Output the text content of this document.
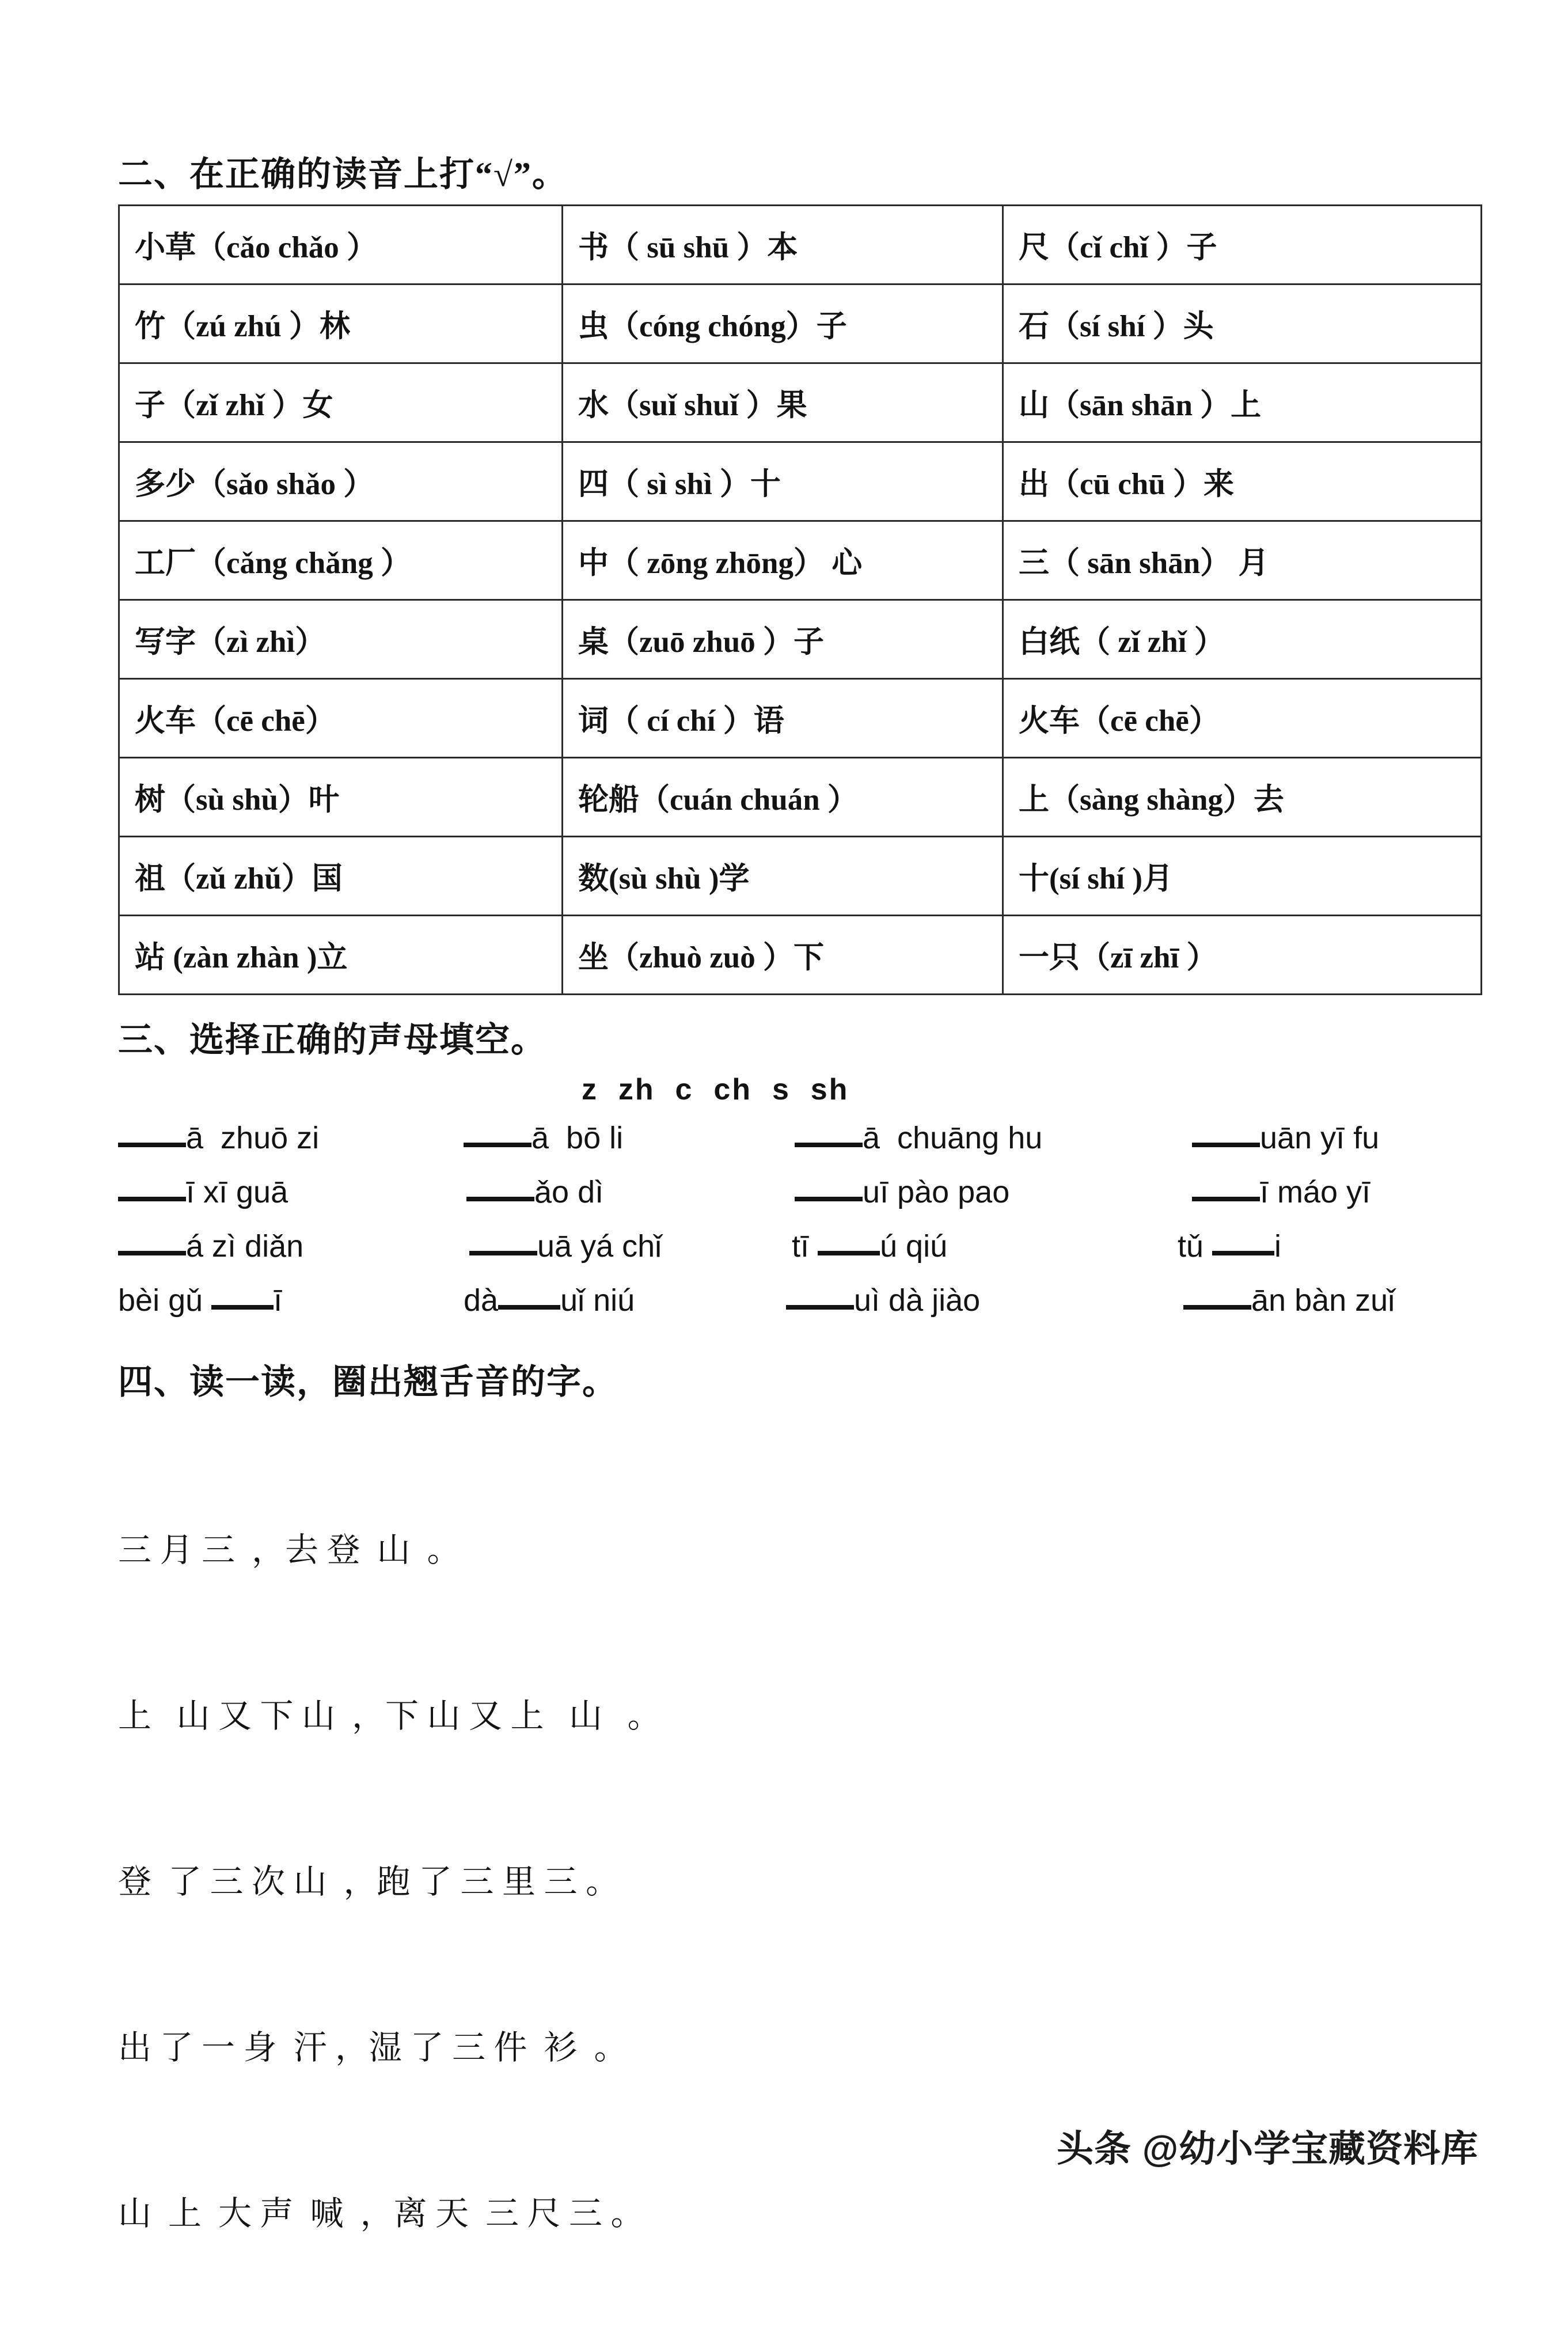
二、在正确的读音上打“√”。
小草（cǎo chǎo ）	书（ sū shū ）本	尺（cǐ chǐ ）子
竹（zú zhú ）林	虫（cóng chóng）子	石（sí shí ）头
子（zǐ zhǐ ）女	水（suǐ shuǐ ）果	山（sān shān ）上
多少（sǎo shǎo ）	四（ sì shì ）十	出（cū chū ）来
工厂（cǎng chǎng ）	中（ zōng zhōng） 心	三（ sān shān） 月
写字（zì zhì）	桌（zuō zhuō ）子	白纸（ zǐ zhǐ ）
火车（cē chē）	词（ cí chí ）语	火车（cē chē）
树（sù shù）叶	轮船（cuán chuán ）	上（sàng shàng）去
祖（zǔ zhǔ）国	数(sù shù )学	十(sí shí )月
站 (zàn zhàn )立	坐（zhuò zuò ）下	一只（zī zhī ）
三、选择正确的声母填空。
z  zh  c  ch  s  sh
ā  zhuō zi	ā  bō li	ā  chuāng hu	uān yī fu
ī xī guā	ǎo dì	uī pào pao	ī máo yī
á zì diǎn	uā yá chǐ	tī ú qiú	tǔ i
bèi gǔ ī	dà uǐ niú	uì dà jiào	ān bàn zuǐ
四、读一读，圈出翘舌音的字。

三 月 三  ，去 登  山  。

上   山 又 下 山  ，下 山 又 上   山   。

登  了 三 次 山  ，跑 了 三 里 三 。

出 了 一 身  汗 ，湿 了 三 件  衫  。

山  上  大 声  喊  ，离 天  三 尺 三 。

头条 @幼小学宝藏资料库
